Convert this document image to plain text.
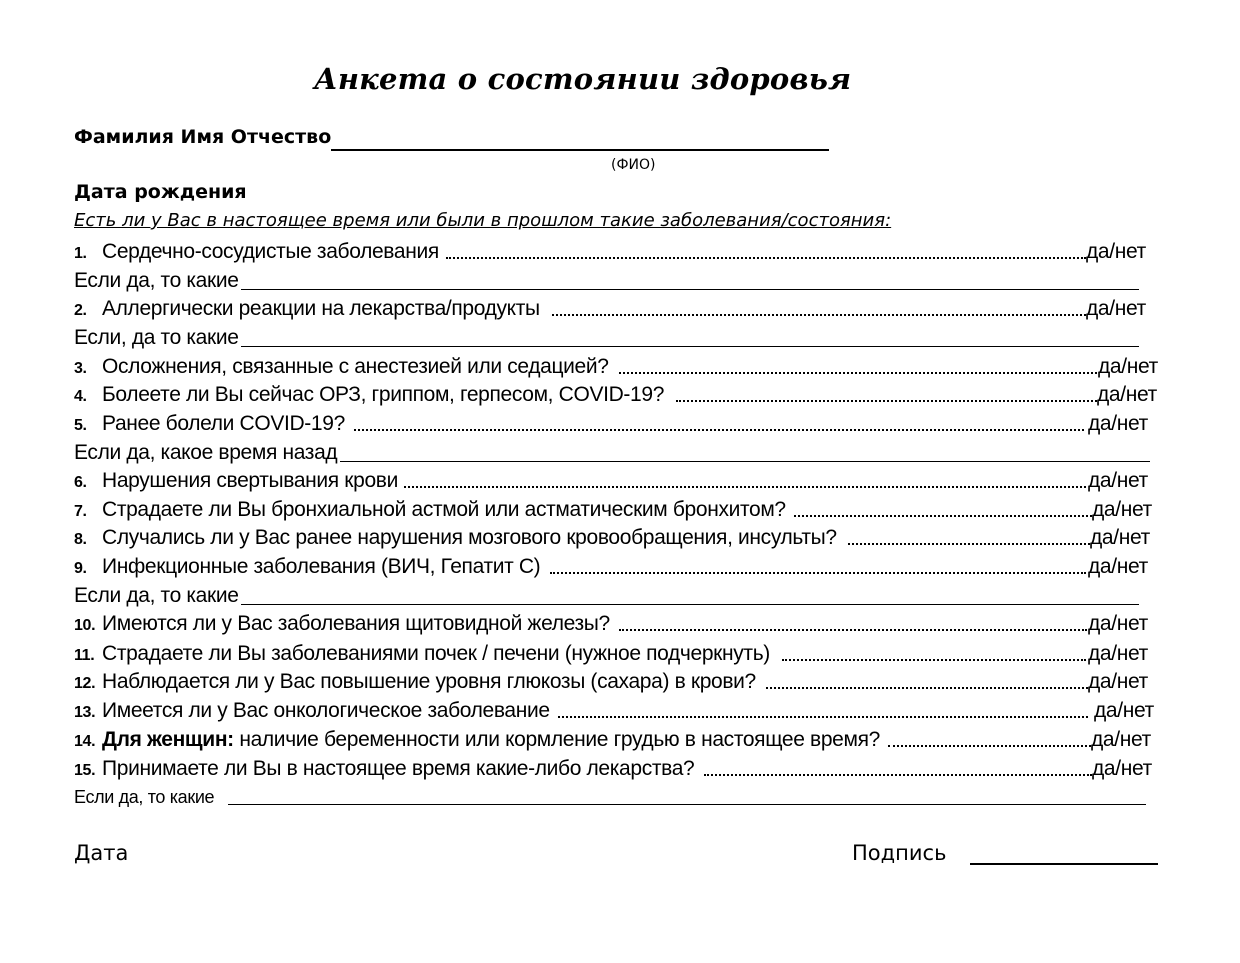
Анкета о состоянии здоровья
Фамилия Имя Отчество
(ФИО)
Дата рождения
Есть ли у Вас в настоящее время или были в прошлом такие заболевания/состояния:
1. Сердечно-сосудистые заболевания	да/нет
Если да, то какие
2. Аллергически реакции на лекарства/продукты	да/нет
Если, да то какие
3. Осложнения, связанные с анестезией или седацией?	да/нет
4. Болеете ли Вы сейчас ОРЗ, гриппом, герпесом, COVID-19?	да/нет
5. Ранее болели COVID-19?	да/нет
Если да, какое время назад
6. Нарушения свертывания крови	да/нет
7. Страдаете ли Вы бронхиальной астмой или астматическим бронхитом?	да/нет
8. Случались ли у Вас ранее нарушения мозгового кровообращения, инсульты?	да/нет
9. Инфекционные заболевания (ВИЧ, Гепатит С)	да/нет
Если да, то какие
10. Имеются ли у Вас заболевания щитовидной железы?	да/нет
11. Страдаете ли Вы заболеваниями почек / печени (нужное подчеркнуть)	да/нет
12. Наблюдается ли у Вас повышение уровня глюкозы (сахара) в крови?	да/нет
13. Имеется ли у Вас онкологическое заболевание	да/нет
14. Для женщин: наличие беременности или кормление грудью в настоящее время?	да/нет
15. Принимаете ли Вы в настоящее время какие-либо лекарства?	да/нет
Если да, то какие
Дата	Подпись
